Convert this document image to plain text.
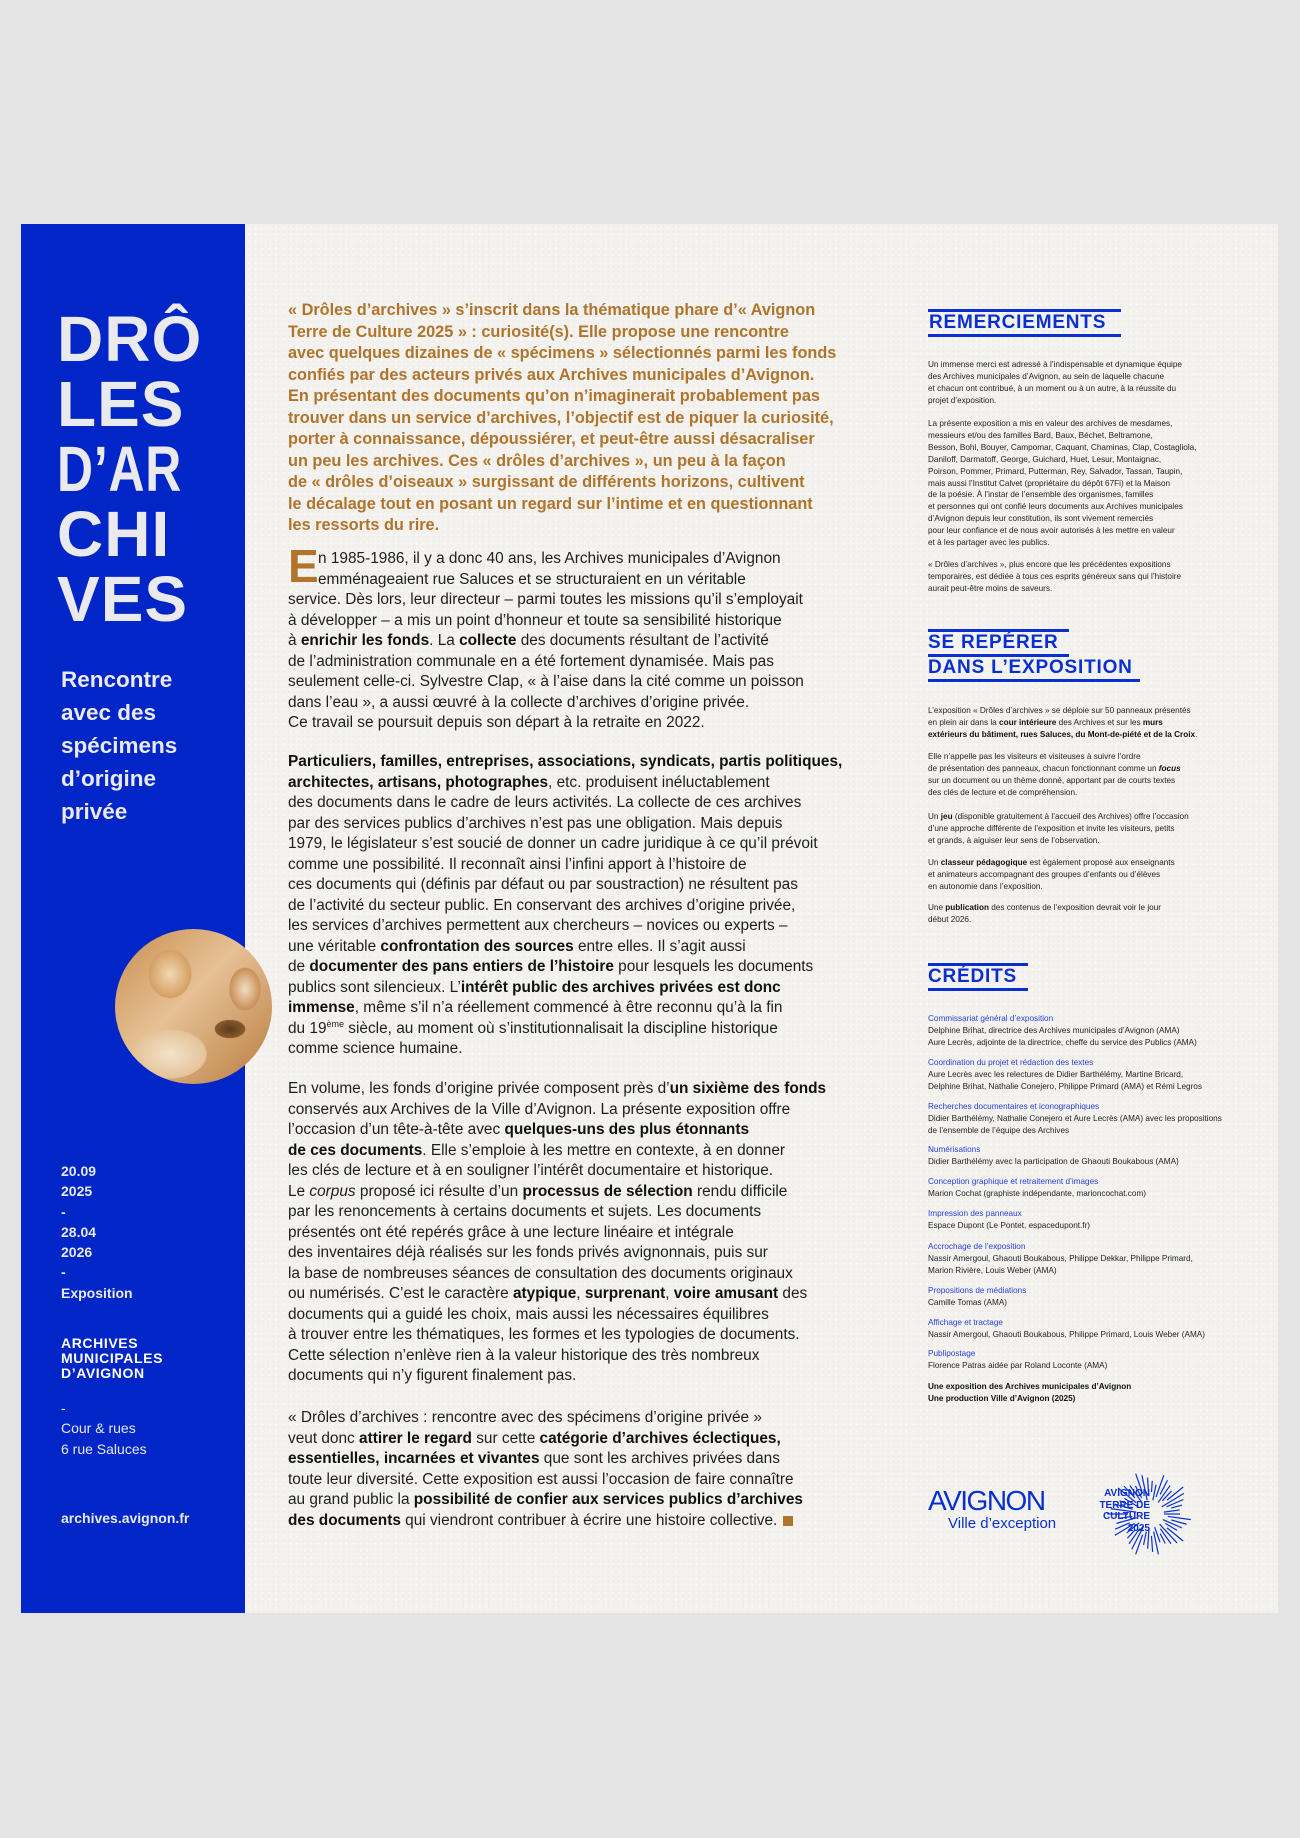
DRÔ
LES
D’AR
CHI
VES
Rencontre
avec des
spécimens
d’origine
privée
20.09
2025
-
28.04
2026
-
Exposition
ARCHIVES
MUNICIPALES
D’AVIGNON
-
Cour & rues
6 rue Saluces
archives.avignon.fr
« Drôles d’archives » s’inscrit dans la thématique phare d’« Avignon
Terre de Culture 2025 » : curiosité(s). Elle propose une rencontre
avec quelques dizaines de « spécimens » sélectionnés parmi les fonds
confiés par des acteurs privés aux Archives municipales d’Avignon.
En présentant des documents qu’on n’imaginerait probablement pas
trouver dans un service d’archives, l’objectif est de piquer la curiosité,
porter à connaissance, dépoussiérer, et peut-être aussi désacraliser
un peu les archives. Ces « drôles d’archives », un peu à la façon
de « drôles d’oiseaux » surgissant de différents horizons, cultivent
le décalage tout en posant un regard sur l’intime et en questionnant
les ressorts du rire.
E n 1985-1986, il y a donc 40 ans, les Archives municipales d’Avignon
emménageaient rue Saluces et se structuraient en un véritable
service. Dès lors, leur directeur – parmi toutes les missions qu’il s’employait
à développer – a mis un point d’honneur et toute sa sensibilité historique
à enrichir les fonds. La collecte des documents résultant de l’activité
de l’administration communale en a été fortement dynamisée. Mais pas
seulement celle-ci. Sylvestre Clap, « à l’aise dans la cité comme un poisson
dans l’eau », a aussi œuvré à la collecte d’archives d’origine privée.
Ce travail se poursuit depuis son départ à la retraite en 2022.
Particuliers, familles, entreprises, associations, syndicats, partis politiques,
architectes, artisans, photographes, etc. produisent inéluctablement
des documents dans le cadre de leurs activités. La collecte de ces archives
par des services publics d’archives n’est pas une obligation. Mais depuis
1979, le législateur s’est soucié de donner un cadre juridique à ce qu’il prévoit
comme une possibilité. Il reconnaît ainsi l’infini apport à l’histoire de
ces documents qui (définis par défaut ou par soustraction) ne résultent pas
de l’activité du secteur public. En conservant des archives d’origine privée,
les services d’archives permettent aux chercheurs – novices ou experts –
une véritable confrontation des sources entre elles. Il s’agit aussi
de documenter des pans entiers de l’histoire pour lesquels les documents
publics sont silencieux. L’intérêt public des archives privées est donc
immense, même s’il n’a réellement commencé à être reconnu qu’à la fin
du 19ème siècle, au moment où s’institutionnalisait la discipline historique
comme science humaine.
En volume, les fonds d’origine privée composent près d’un sixième des fonds
conservés aux Archives de la Ville d’Avignon. La présente exposition offre
l’occasion d’un tête-à-tête avec quelques-uns des plus étonnants
de ces documents. Elle s’emploie à les mettre en contexte, à en donner
les clés de lecture et à en souligner l’intérêt documentaire et historique.
Le corpus proposé ici résulte d’un processus de sélection rendu difficile
par les renoncements à certains documents et sujets. Les documents
présentés ont été repérés grâce à une lecture linéaire et intégrale
des inventaires déjà réalisés sur les fonds privés avignonnais, puis sur
la base de nombreuses séances de consultation des documents originaux
ou numérisés. C’est le caractère atypique, surprenant, voire amusant des
documents qui a guidé les choix, mais aussi les nécessaires équilibres
à trouver entre les thématiques, les formes et les typologies de documents.
Cette sélection n’enlève rien à la valeur historique des très nombreux
documents qui n’y figurent finalement pas.
« Drôles d’archives : rencontre avec des spécimens d’origine privée »
veut donc attirer le regard sur cette catégorie d’archives éclectiques,
essentielles, incarnées et vivantes que sont les archives privées dans
toute leur diversité. Cette exposition est aussi l’occasion de faire connaître
au grand public la possibilité de confier aux services publics d’archives
des documents qui viendront contribuer à écrire une histoire collective.
REMERCIEMENTS
Un immense merci est adressé à l’indispensable et dynamique équipe
des Archives municipales d’Avignon, au sein de laquelle chacune
et chacun ont contribué, à un moment ou à un autre, à la réussite du
projet d’exposition.
La présente exposition a mis en valeur des archives de mesdames,
messieurs et/ou des familles Bard, Baux, Béchet, Beltramone,
Besson, Bohl, Bouyer, Campomar, Caquant, Chaminas, Clap, Costagliola,
Daniloff, Darmatoff, George, Guichard, Huet, Lesur, Montaignac,
Poirson, Pommer, Primard, Putterman, Rey, Salvador, Tassan, Taupin,
mais aussi l’Institut Calvet (propriétaire du dépôt 67Fi) et la Maison
de la poésie. À l’instar de l’ensemble des organismes, familles
et personnes qui ont confié leurs documents aux Archives municipales
d’Avignon depuis leur constitution, ils sont vivement remerciés
pour leur confiance et de nous avoir autorisés à les mettre en valeur
et à les partager avec les publics.
« Drôles d’archives », plus encore que les précédentes expositions
temporaires, est dédiée à tous ces esprits généreux sans qui l’histoire
aurait peut-être moins de saveurs.
SE REPÉRER
DANS L’EXPOSITION
L’exposition « Drôles d’archives » se déploie sur 50 panneaux présentés
en plein air dans la cour intérieure des Archives et sur les murs
extérieurs du bâtiment, rues Saluces, du Mont-de-piété et de la Croix.
Elle n’appelle pas les visiteurs et visiteuses à suivre l’ordre
de présentation des panneaux, chacun fonctionnant comme un focus
sur un document ou un thème donné, apportant par de courts textes
des clés de lecture et de compréhension.
Un jeu (disponible gratuitement à l’accueil des Archives) offre l’occasion
d’une approche différente de l’exposition et invite les visiteurs, petits
et grands, à aiguiser leur sens de l’observation.
Un classeur pédagogique est également proposé aux enseignants
et animateurs accompagnant des groupes d’enfants ou d’élèves
en autonomie dans l’exposition.
Une publication des contenus de l’exposition devrait voir le jour
début 2026.
CRÉDITS
Commissariat général d’exposition
Delphine Brihat, directrice des Archives municipales d’Avignon (AMA)
Aure Lecrès, adjointe de la directrice, cheffe du service des Publics (AMA)
Coordination du projet et rédaction des textes
Aure Lecrès avec les relectures de Didier Barthélémy, Martine Bricard,
Delphine Brihat, Nathalie Conejero, Philippe Primard (AMA) et Rémi Legros
Recherches documentaires et iconographiques
Didier Barthélémy, Nathalie Conejero et Aure Lecrès (AMA) avec les propositions
de l’ensemble de l’équipe des Archives
Numérisations
Didier Barthélémy avec la participation de Ghaouti Boukabous (AMA)
Conception graphique et retraitement d’images
Marion Cochat (graphiste indépendante, marioncochat.com)
Impression des panneaux
Espace Dupont (Le Pontet, espacedupont.fr)
Accrochage de l’exposition
Nassir Amergoul, Ghaouti Boukabous, Philippe Dekkar, Philippe Primard,
Marion Rivière, Louis Weber (AMA)
Propositions de médiations
Camille Tomas (AMA)
Affichage et tractage
Nassir Amergoul, Ghaouti Boukabous, Philippe Primard, Louis Weber (AMA)
Publipostage
Florence Patras aidée par Roland Loconte (AMA)
Une exposition des Archives municipales d’Avignon
Une production Ville d’Avignon (2025)
AVIGNON
Ville d’exception
AVIGNON
TERRE DE
CULTURE
2025
